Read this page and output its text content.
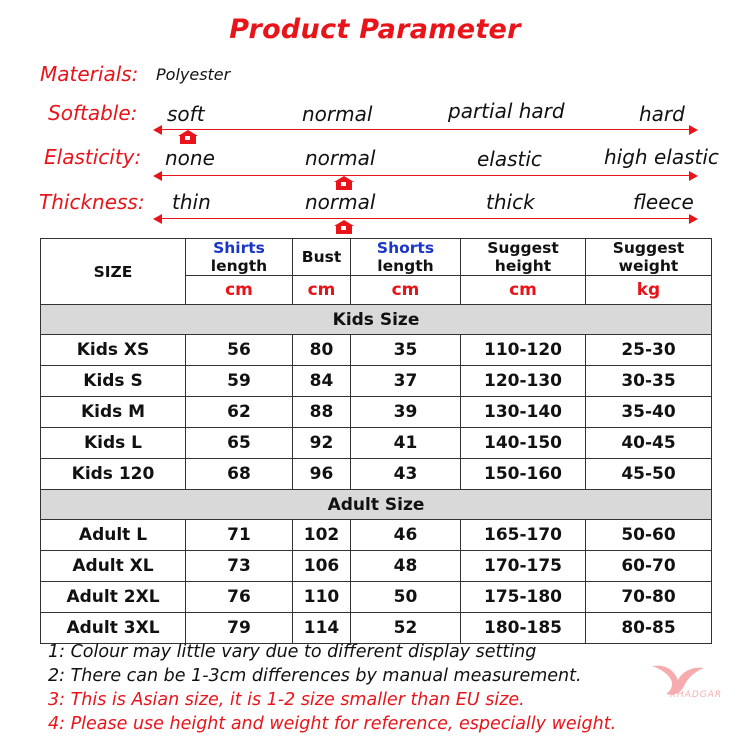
Product Parameter
Materials: Polyester
Softable: soft	normal	partial hard	hard
Elasticity: none	normal	elastic	high elastic
Thickness: thin	normal	thick	fleece
SIZE	Shirts length	Bust	Shorts length	Suggest height	Suggest weight
	cm	cm	cm	cm	kg
Kids Size					
Kids XS	56	80	35	110-120	25-30
Kids S	59	84	37	120-130	30-35
Kids M	62	88	39	130-140	35-40
Kids L	65	92	41	140-150	40-45
Kids 120	68	96	43	150-160	45-50
Adult Size					
Adult L	71	102	46	165-170	50-60
Adult XL	73	106	48	170-175	60-70
Adult 2XL	76	110	50	175-180	70-80
Adult 3XL	79	114	52	180-185	80-85
1: Colour may little vary due to different display setting
2: There can be 1-3cm differences by manual measurement.
3: This is Asian size, it is 1-2 size smaller than EU size.
4: Please use height and weight for reference, especially weight.
KHADGAR
